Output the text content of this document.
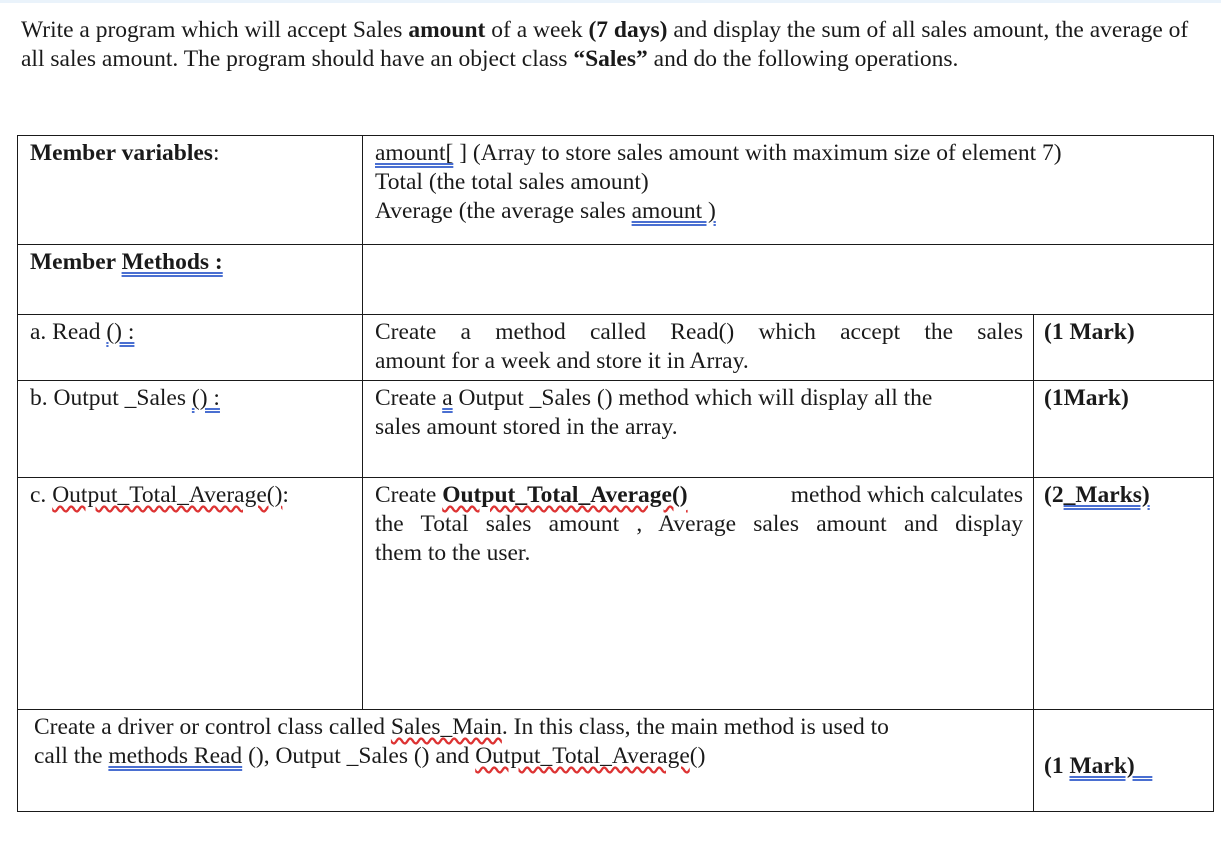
Write a program which will accept Sales amount of a week (7 days) and display the sum of all sales amount, the average of all sales amount. The program should have an object class “Sales” and do the following operations.

Member variables:	amount[ ] (Array to store sales amount with maximum size of element 7)
Total (the total sales amount)
Average (the average sales amount )	

Member Methods :		
a. Read () :	Create a method called Read() which accept the sales
amount for a week and store it in Array.	(1 Mark)
b. Output _Sales () :	Create a Output _Sales () method which will display all the
sales amount stored in the array.	(1Mark)
c. Output_Total_Average():	Create Output_Total_Average() method which calculates
the Total sales amount , Average sales amount and display
them to the user.	(2_Marks)

Create a driver or control class called Sales_Main. In this class, the main method is used to
call the methods Read (), Output _Sales () and Output_Total_Average()		(1 Mark)
